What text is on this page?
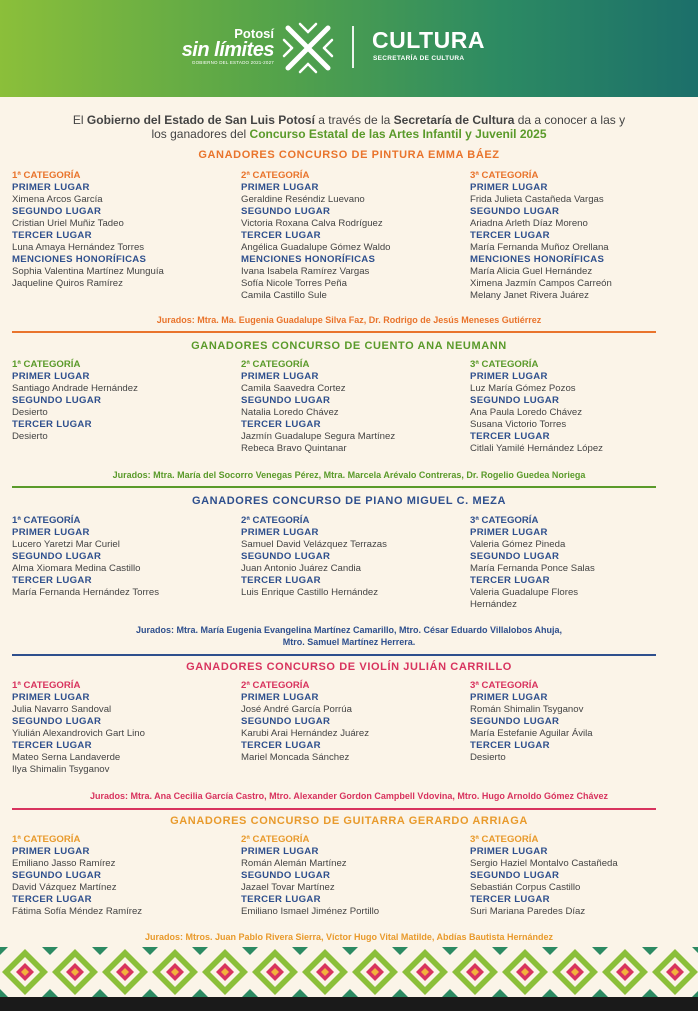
Potosí
sin límites
GOBIERNO DEL ESTADO 2021-2027
CULTURA
SECRETARÍA DE CULTURA
El Gobierno del Estado de San Luis Potosí a través de la Secretaría de Cultura da a conocer a las y
los ganadores del Concurso Estatal de las Artes Infantil y Juvenil 2025
GANADORES CONCURSO DE PINTURA EMMA BÁEZ
1ª CATEGORÍA
PRIMER LUGAR
Ximena Arcos García
SEGUNDO LUGAR
Cristian Uriel Muñiz Tadeo
TERCER LUGAR
Luna Amaya Hernández Torres
MENCIONES HONORÍFICAS
Sophia Valentina Martínez Munguía
Jaqueline Quiros Ramírez
2ª CATEGORÍA
PRIMER LUGAR
Geraldine Reséndiz Luevano
SEGUNDO LUGAR
Victoria Roxana Calva Rodríguez
TERCER LUGAR
Angélica Guadalupe Gómez Waldo
MENCIONES HONORÍFICAS
Ivana Isabela Ramírez Vargas
Sofía Nicole Torres Peña
Camila Castillo Sule
3ª CATEGORÍA
PRIMER LUGAR
Frida Julieta Castañeda Vargas
SEGUNDO LUGAR
Ariadna Arleth Díaz Moreno
TERCER LUGAR
María Fernanda Muñoz Orellana
MENCIONES HONORÍFICAS
María Alicia Guel Hernández
Ximena Jazmín Campos Carreón
Melany Janet Rivera Juárez
Jurados: Mtra. Ma. Eugenia Guadalupe Silva Faz, Dr. Rodrigo de Jesús Meneses Gutiérrez
GANADORES CONCURSO DE CUENTO ANA NEUMANN
1ª CATEGORÍA
PRIMER LUGAR
Santiago Andrade Hernández
SEGUNDO LUGAR
Desierto
TERCER LUGAR
Desierto
2ª CATEGORÍA
PRIMER LUGAR
Camila Saavedra Cortez
SEGUNDO LUGAR
Natalia Loredo Chávez
TERCER LUGAR
Jazmín Guadalupe Segura Martínez
Rebeca Bravo Quintanar
3ª CATEGORÍA
PRIMER LUGAR
Luz María Gómez Pozos
SEGUNDO LUGAR
Ana Paula Loredo Chávez
Susana Victorio Torres
TERCER LUGAR
Citlali Yamilé Hernández López
Jurados: Mtra. María del Socorro Venegas Pérez, Mtra. Marcela Arévalo Contreras, Dr. Rogelio Guedea Noriega
GANADORES CONCURSO DE PIANO MIGUEL C. MEZA
1ª CATEGORÍA
PRIMER LUGAR
Lucero Yaretzi Mar Curiel
SEGUNDO LUGAR
Alma Xiomara Medina Castillo
TERCER LUGAR
María Fernanda Hernández Torres
2ª CATEGORÍA
PRIMER LUGAR
Samuel David Velázquez Terrazas
SEGUNDO LUGAR
Juan Antonio Juárez Candia
TERCER LUGAR
Luis Enrique Castillo Hernández
3ª CATEGORÍA
PRIMER LUGAR
Valeria Gómez Pineda
SEGUNDO LUGAR
María Fernanda Ponce Salas
TERCER LUGAR
Valeria Guadalupe Flores
Hernández
Jurados: Mtra. María Eugenia Evangelina Martínez Camarillo, Mtro. César Eduardo Villalobos Ahuja,
Mtro. Samuel Martínez Herrera.
GANADORES CONCURSO DE VIOLÍN JULIÁN CARRILLO
1ª CATEGORÍA
PRIMER LUGAR
Julia Navarro Sandoval
SEGUNDO LUGAR
Yiulián Alexandrovich Gart Lino
TERCER LUGAR
Mateo Serna Landaverde
Ilya Shimalin Tsyganov
2ª CATEGORÍA
PRIMER LUGAR
José André García Porrúa
SEGUNDO LUGAR
Karubi Arai Hernández Juárez
TERCER LUGAR
Mariel Moncada Sánchez
3ª CATEGORÍA
PRIMER LUGAR
Román Shimalin Tsyganov
SEGUNDO LUGAR
María Estefanie Aguilar Ávila
TERCER LUGAR
Desierto
Jurados: Mtra. Ana Cecilia García Castro, Mtro. Alexander Gordon Campbell Vdovina, Mtro. Hugo Arnoldo Gómez Chávez
GANADORES CONCURSO DE GUITARRA GERARDO ARRIAGA
1ª CATEGORÍA
PRIMER LUGAR
Emiliano Jasso Ramírez
SEGUNDO LUGAR
David Vázquez Martínez
TERCER LUGAR
Fátima Sofía Méndez Ramírez
2ª CATEGORÍA
PRIMER LUGAR
Román Alemán Martínez
SEGUNDO LUGAR
Jazael Tovar Martínez
TERCER LUGAR
Emiliano Ismael Jiménez Portillo
3ª CATEGORÍA
PRIMER LUGAR
Sergio Haziel Montalvo Castañeda
SEGUNDO LUGAR
Sebastián Corpus Castillo
TERCER LUGAR
Suri Mariana Paredes Díaz
Jurados: Mtros. Juan Pablo Rivera Sierra, Víctor Hugo Vital Matilde, Abdías Bautista Hernández
